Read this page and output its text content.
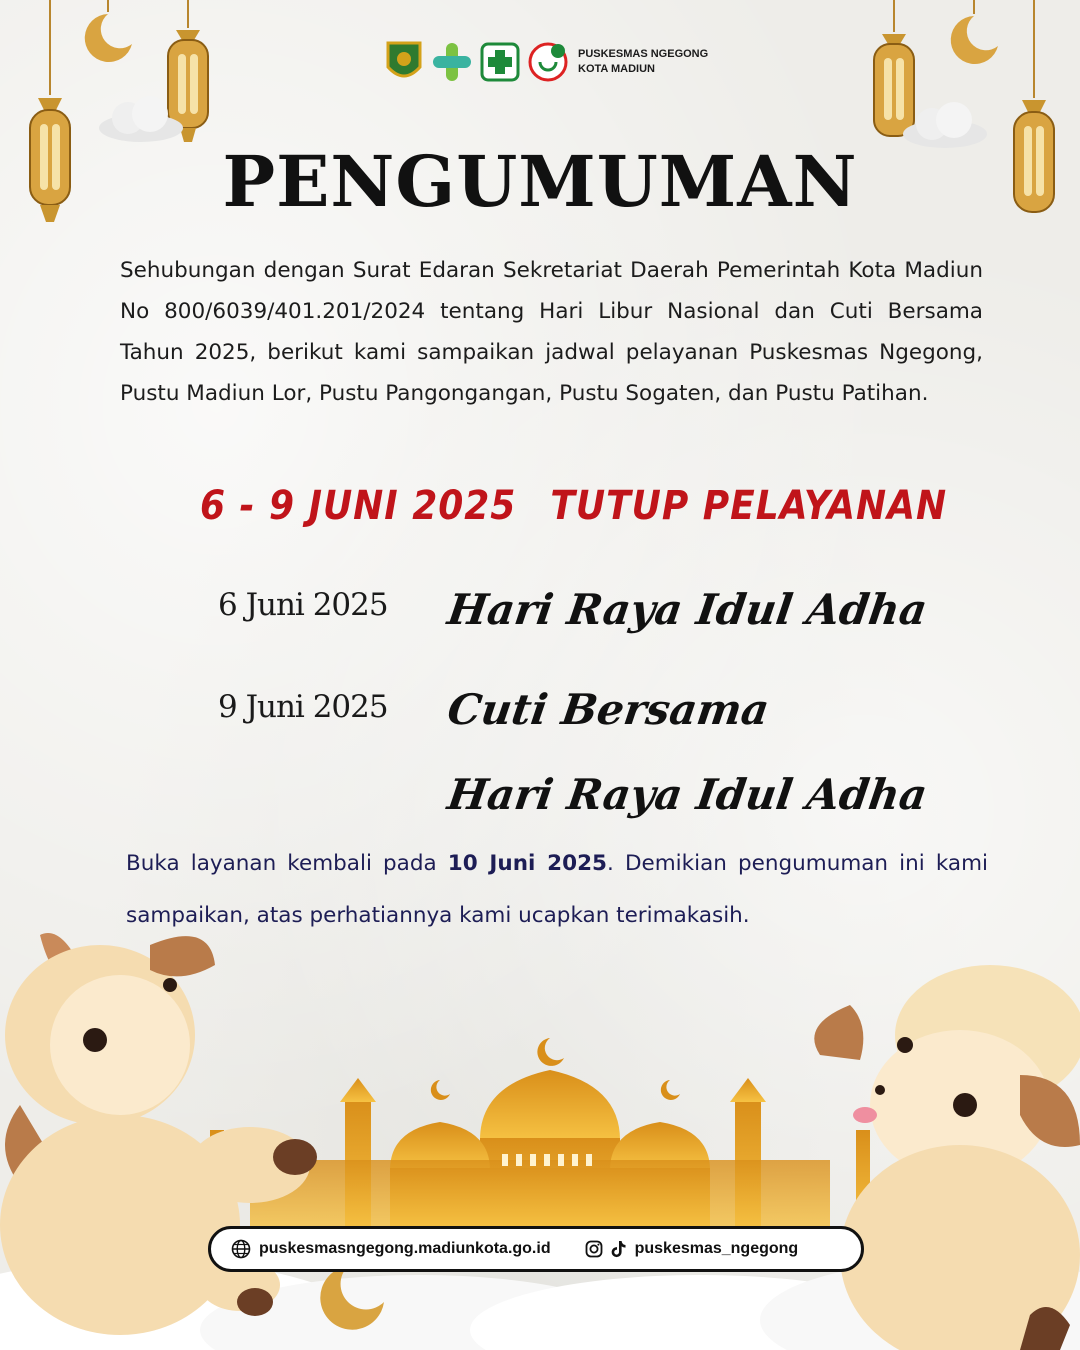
PUSKESMAS NGEGONG
KOTA MADIUN
PENGUMUMAN
Sehubungan dengan Surat Edaran Sekretariat Daerah Pemerintah Kota Madiun No 800/6039/401.201/2024 tentang Hari Libur Nasional dan Cuti Bersama Tahun 2025, berikut kami sampaikan jadwal pelayanan Puskesmas Ngegong, Pustu Madiun Lor, Pustu Pangongangan, Pustu Sogaten, dan Pustu Patihan.
6 - 9 JUNI 2025 TUTUP PELAYANAN
6 Juni 2025 Hari Raya Idul Adha
9 Juni 2025 Cuti Bersama
Hari Raya Idul Adha
Buka layanan kembali pada 10 Juni 2025. Demikian pengumuman ini kami sampaikan, atas perhatiannya kami ucapkan terimakasih.
puskesmasngegong.madiunkota.go.id	puskesmas_ngegong
